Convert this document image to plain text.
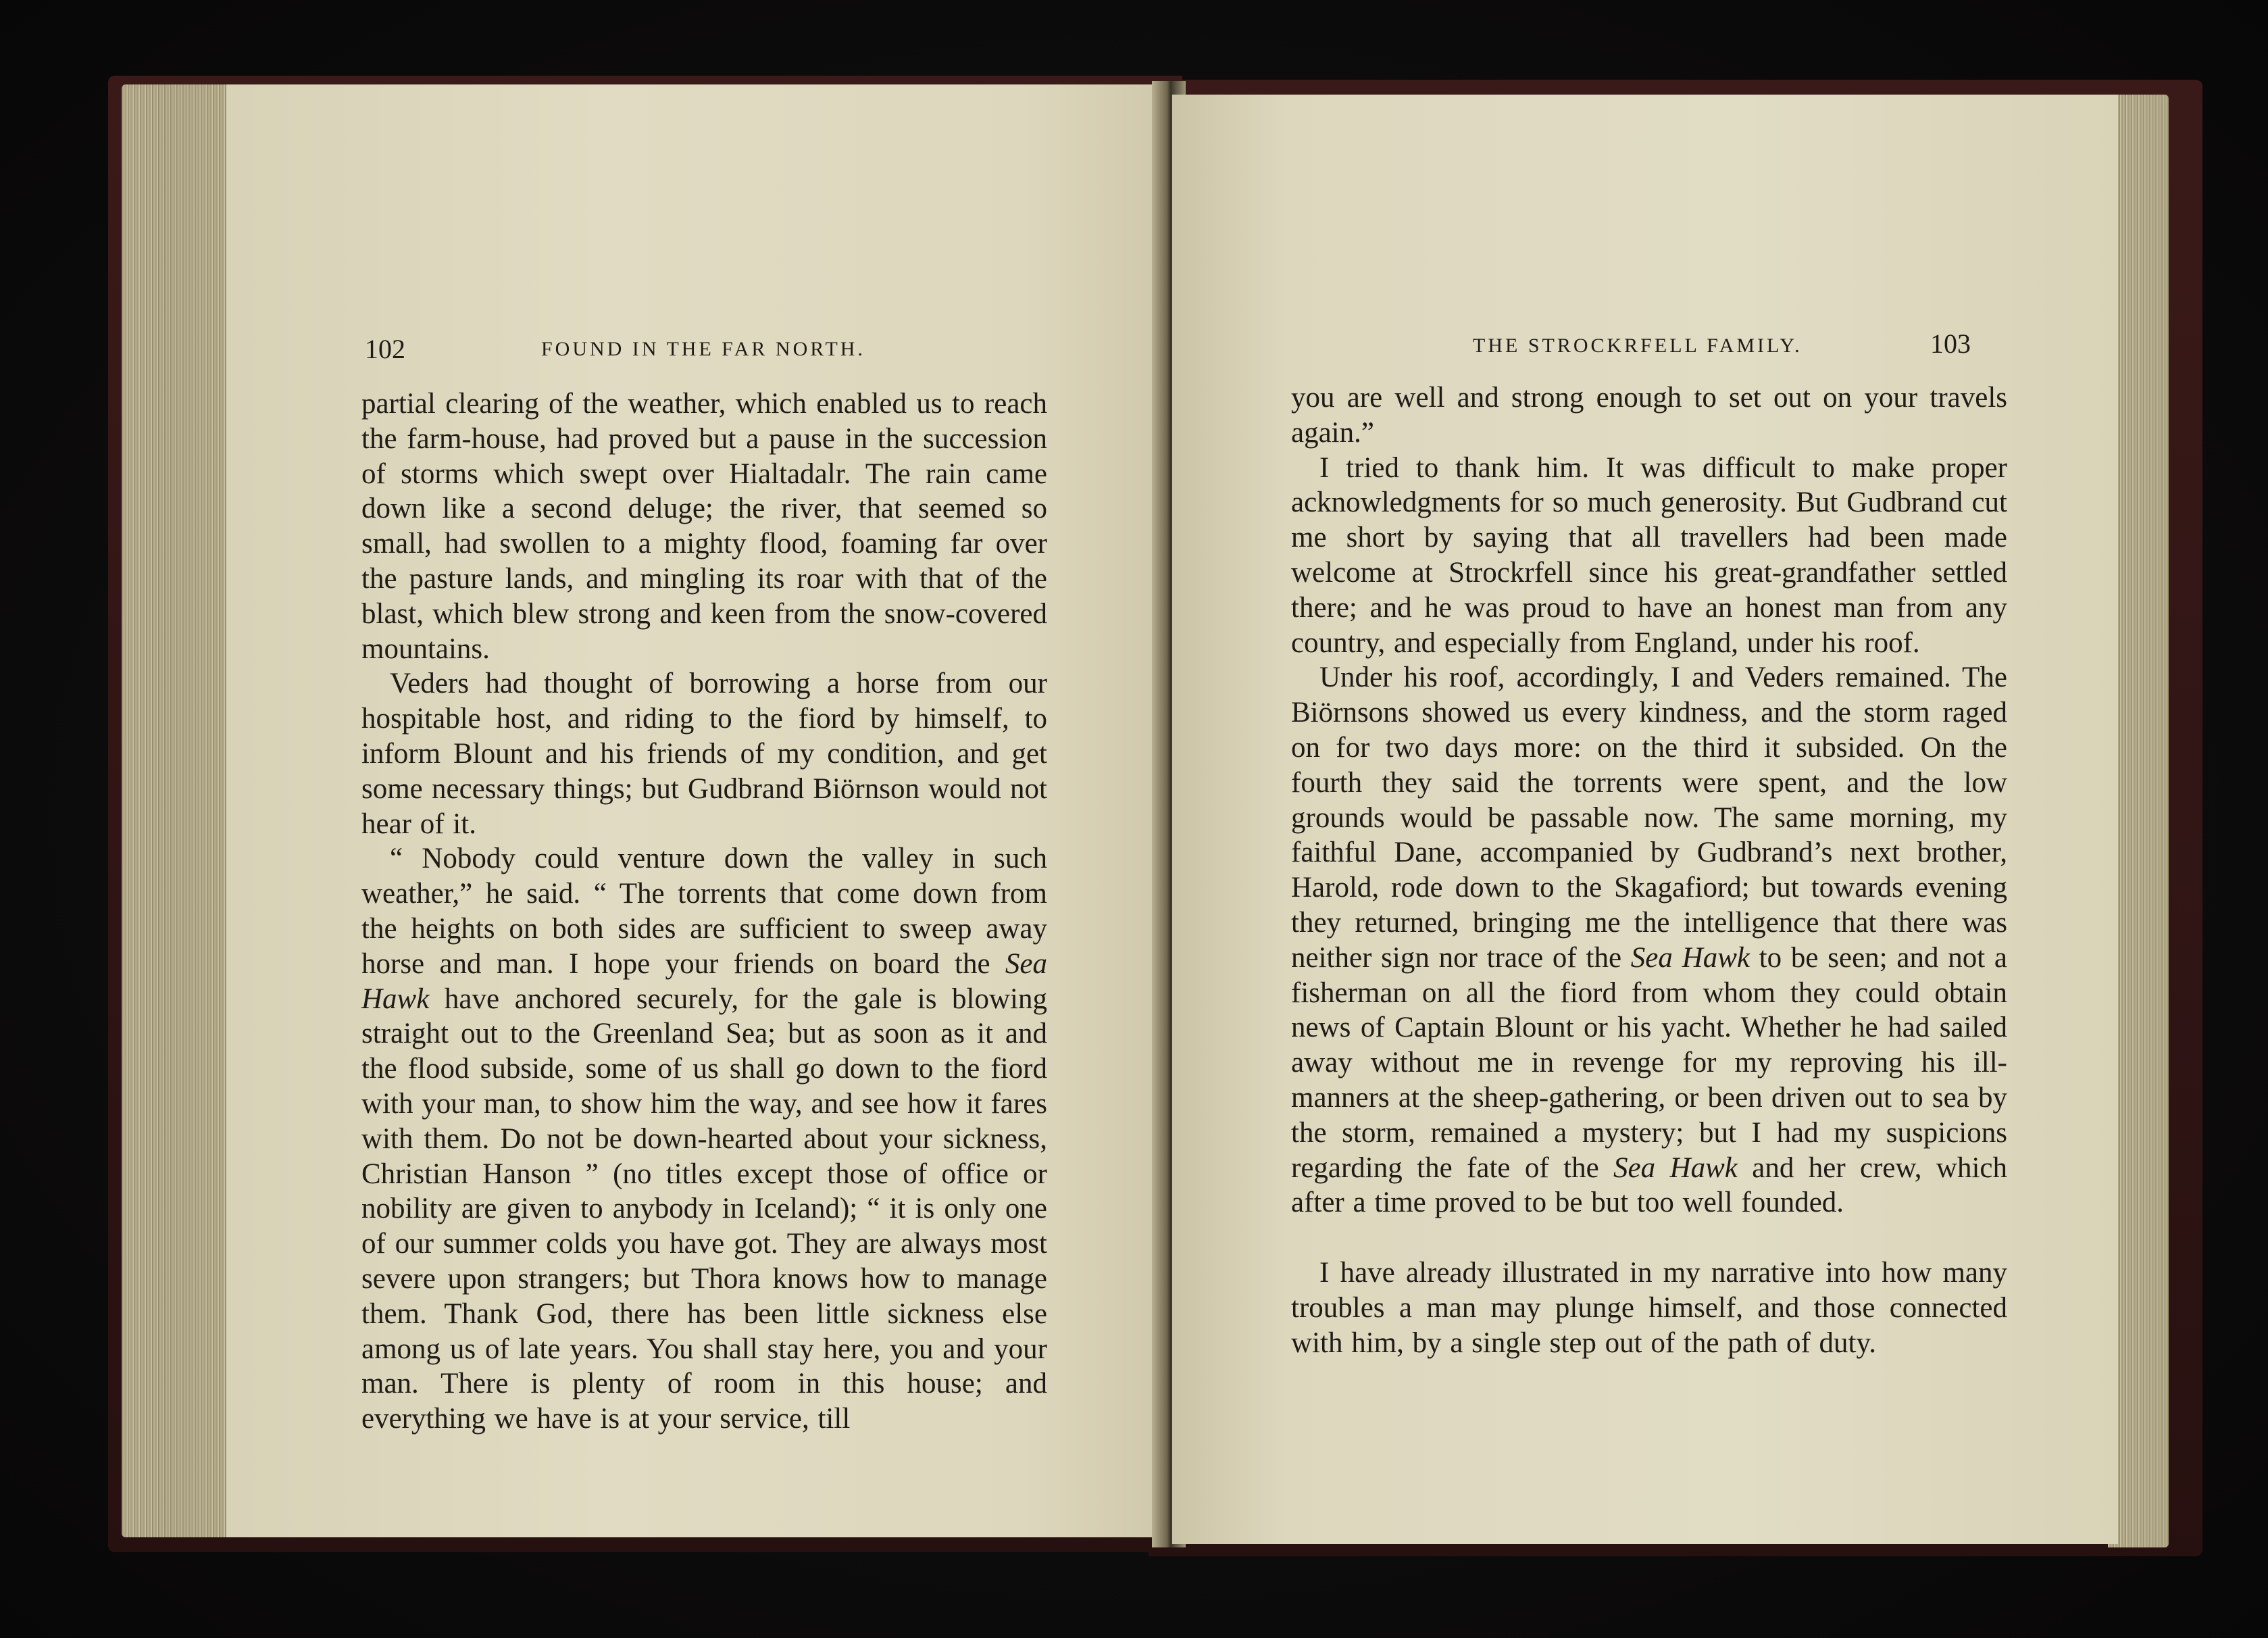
102	FOUND IN THE FAR NORTH.

partial clearing of the weather, which enabled us to reach the farm-house, had proved but a pause in the succession of storms which swept over Hialtadalr. The rain came down like a second deluge; the river, that seemed so small, had swollen to a mighty flood, foaming far over the pasture lands, and mingling its roar with that of the blast, which blew strong and keen from the snow-covered mountains.

Veders had thought of borrowing a horse from our hospitable host, and riding to the fiord by himself, to inform Blount and his friends of my condition, and get some necessary things; but Gudbrand Biörnson would not hear of it.

“ Nobody could venture down the valley in such weather,” he said. “ The torrents that come down from the heights on both sides are sufficient to sweep away horse and man. I hope your friends on board the Sea Hawk have anchored securely, for the gale is blowing straight out to the Greenland Sea; but as soon as it and the flood subside, some of us shall go down to the fiord with your man, to show him the way, and see how it fares with them. Do not be down-hearted about your sickness, Christian Hanson ” (no titles except those of office or nobility are given to anybody in Iceland); “ it is only one of our summer colds you have got. They are always most severe upon strangers; but Thora knows how to manage them. Thank God, there has been little sickness else among us of late years. You shall stay here, you and your man. There is plenty of room in this house; and everything we have is at your service, till

THE STROCKRFELL FAMILY.	103

you are well and strong enough to set out on your travels again.”

I tried to thank him. It was difficult to make proper acknowledgments for so much generosity. But Gudbrand cut me short by saying that all travellers had been made welcome at Strockrfell since his great-grandfather settled there; and he was proud to have an honest man from any country, and especially from England, under his roof.

Under his roof, accordingly, I and Veders remained. The Biörnsons showed us every kindness, and the storm raged on for two days more: on the third it subsided. On the fourth they said the torrents were spent, and the low grounds would be passable now. The same morning, my faithful Dane, accompanied by Gudbrand’s next brother, Harold, rode down to the Skagafiord; but towards evening they returned, bringing me the intelligence that there was neither sign nor trace of the Sea Hawk to be seen; and not a fisherman on all the fiord from whom they could obtain news of Captain Blount or his yacht. Whether he had sailed away without me in revenge for my reproving his ill-manners at the sheep-gathering, or been driven out to sea by the storm, remained a mystery; but I had my suspicions regarding the fate of the Sea Hawk and her crew, which after a time proved to be but too well founded.

I have already illustrated in my narrative into how many troubles a man may plunge himself, and those connected with him, by a single step out of the path of duty.
